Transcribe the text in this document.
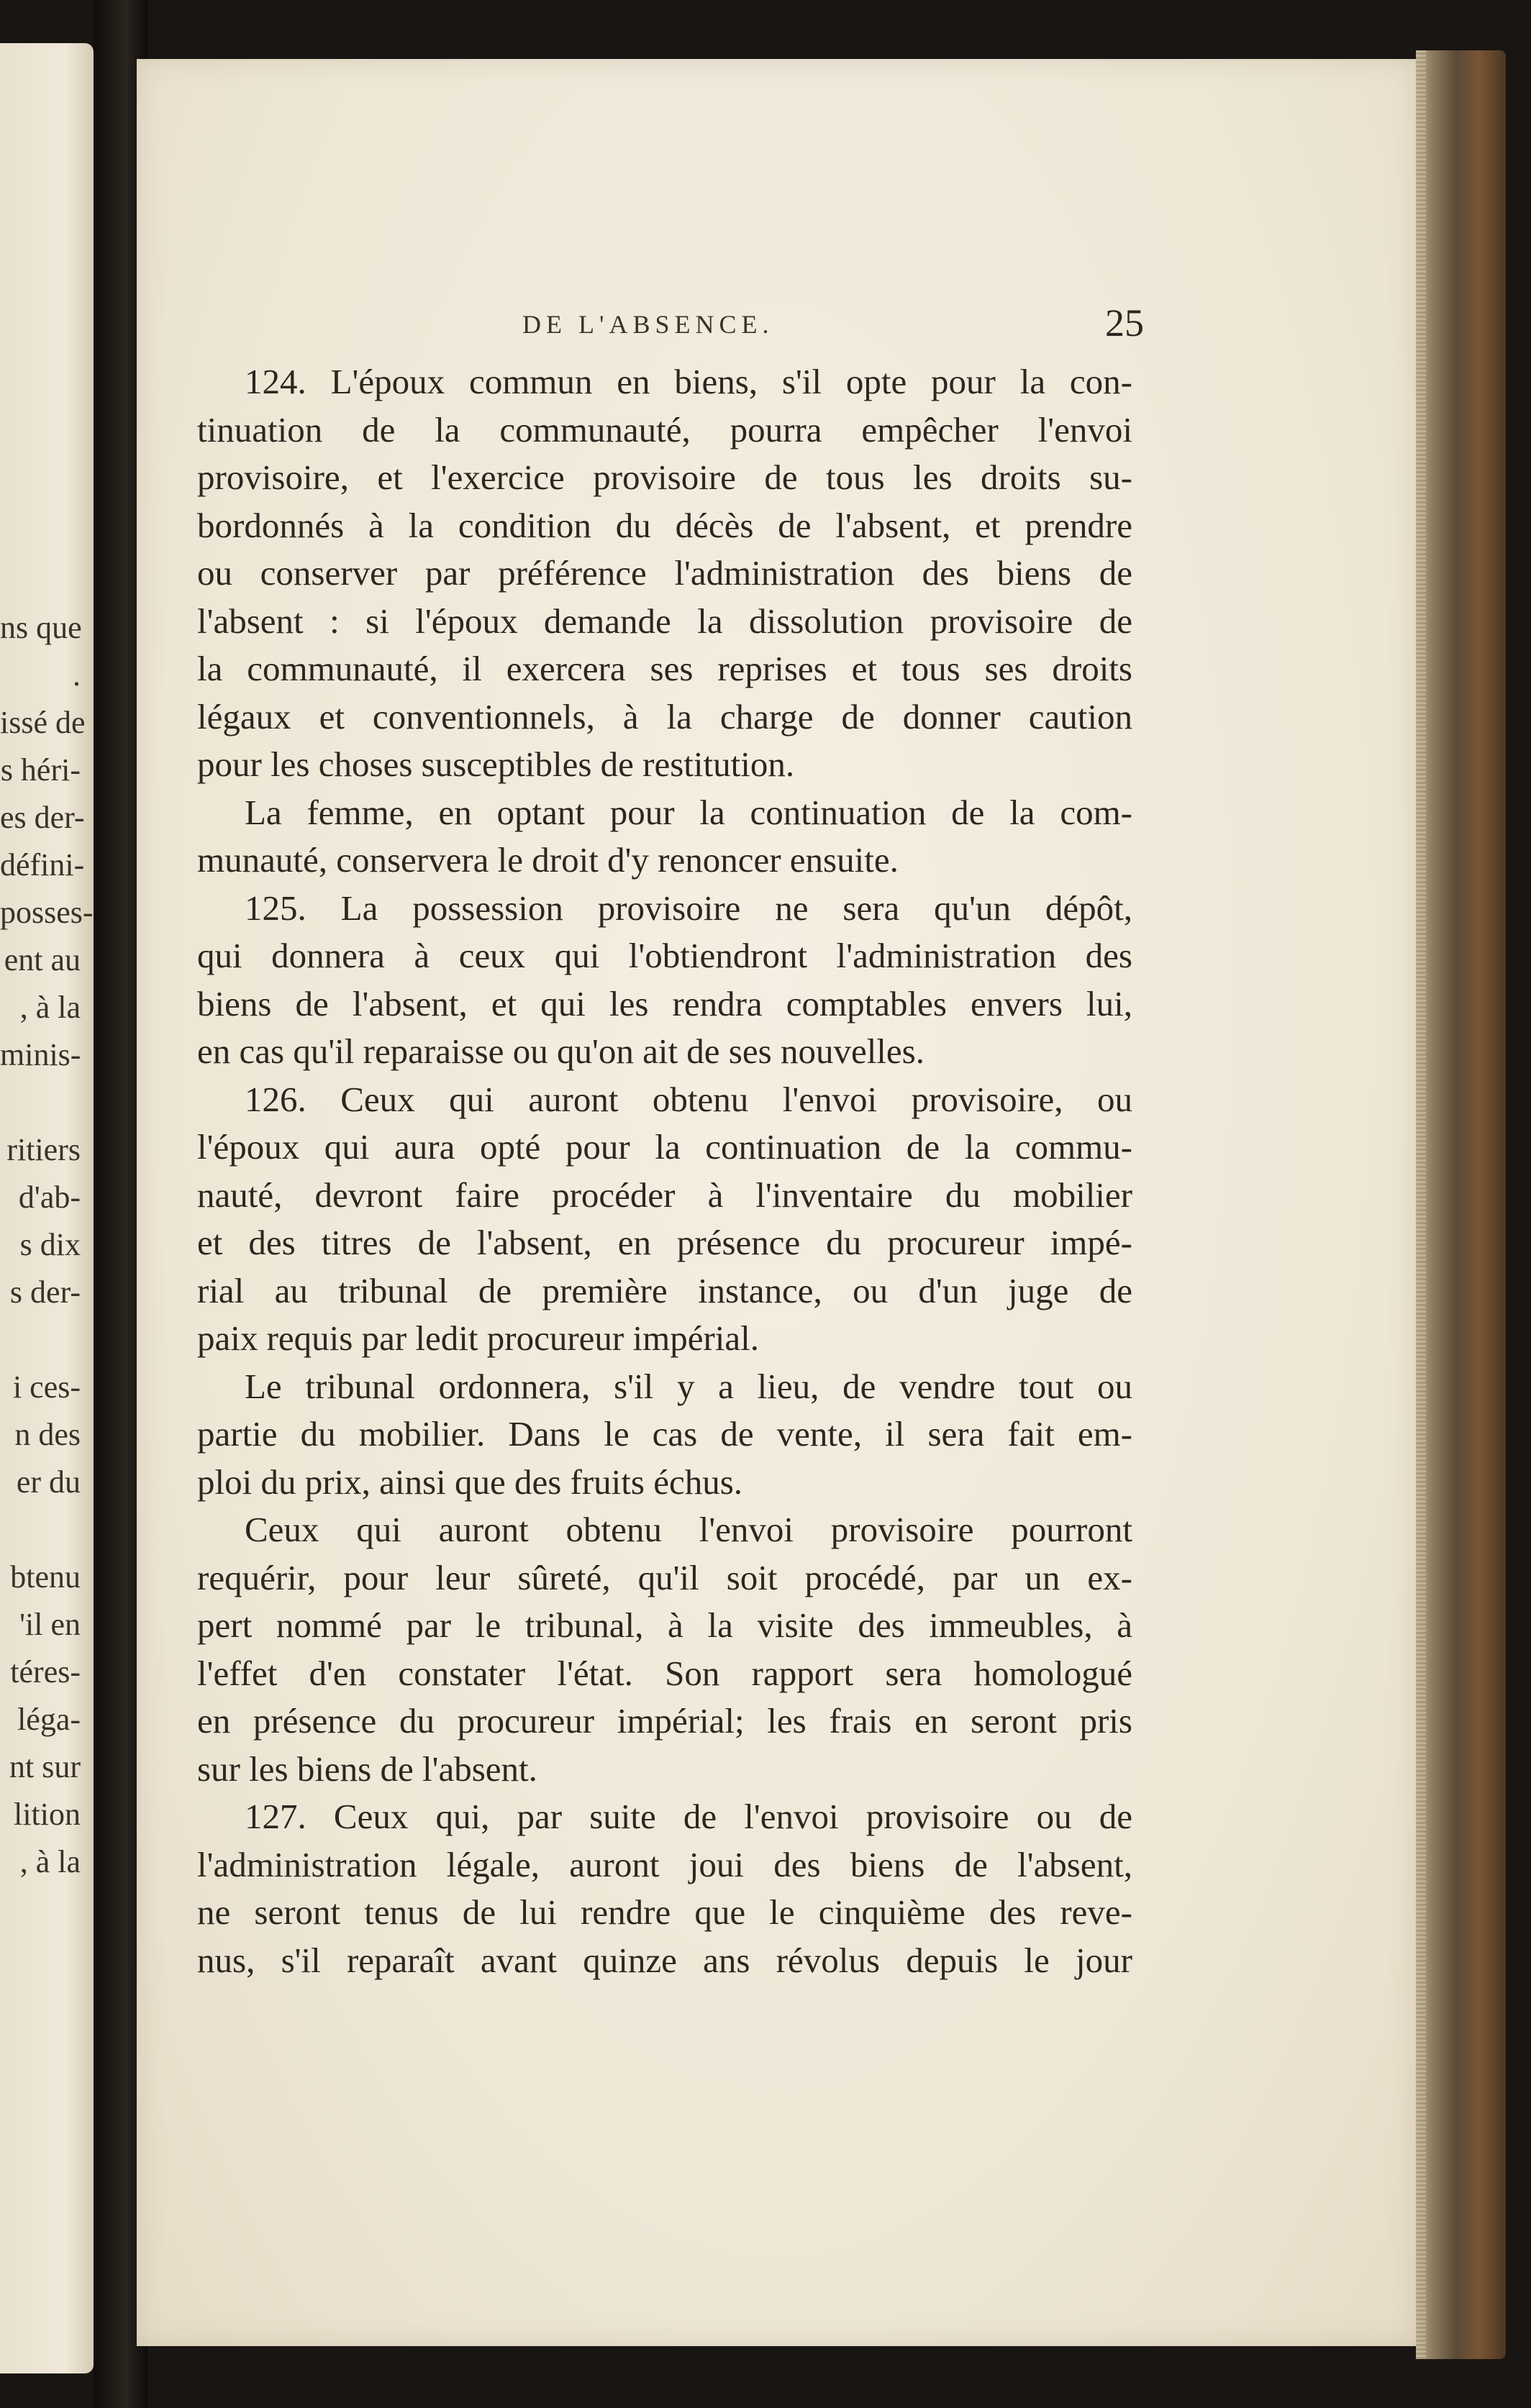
ns que
.
issé de
s héri-
es der-
défini-
posses-
ent au
, à la
minis-
ritiers
d'ab-
s dix
s der-
i ces-
n des
er du
btenu
'il en
téres-
léga-
nt sur
lition
, à la
DE L'ABSENCE.	25
124. L'époux commun en biens, s'il opte pour la con-
tinuation de la communauté, pourra empêcher l'envoi
provisoire, et l'exercice provisoire de tous les droits su-
bordonnés à la condition du décès de l'absent, et prendre
ou conserver par préférence l'administration des biens de
l'absent : si l'époux demande la dissolution provisoire de
la communauté, il exercera ses reprises et tous ses droits
légaux et conventionnels, à la charge de donner caution
pour les choses susceptibles de restitution.
La femme, en optant pour la continuation de la com-
munauté, conservera le droit d'y renoncer ensuite.
125. La possession provisoire ne sera qu'un dépôt,
qui donnera à ceux qui l'obtiendront l'administration des
biens de l'absent, et qui les rendra comptables envers lui,
en cas qu'il reparaisse ou qu'on ait de ses nouvelles.
126. Ceux qui auront obtenu l'envoi provisoire, ou
l'époux qui aura opté pour la continuation de la commu-
nauté, devront faire procéder à l'inventaire du mobilier
et des titres de l'absent, en présence du procureur impé-
rial au tribunal de première instance, ou d'un juge de
paix requis par ledit procureur impérial.
Le tribunal ordonnera, s'il y a lieu, de vendre tout ou
partie du mobilier. Dans le cas de vente, il sera fait em-
ploi du prix, ainsi que des fruits échus.
Ceux qui auront obtenu l'envoi provisoire pourront
requérir, pour leur sûreté, qu'il soit procédé, par un ex-
pert nommé par le tribunal, à la visite des immeubles, à
l'effet d'en constater l'état. Son rapport sera homologué
en présence du procureur impérial; les frais en seront pris
sur les biens de l'absent.
127. Ceux qui, par suite de l'envoi provisoire ou de
l'administration légale, auront joui des biens de l'absent,
ne seront tenus de lui rendre que le cinquième des reve-
nus, s'il reparaît avant quinze ans révolus depuis le jour
